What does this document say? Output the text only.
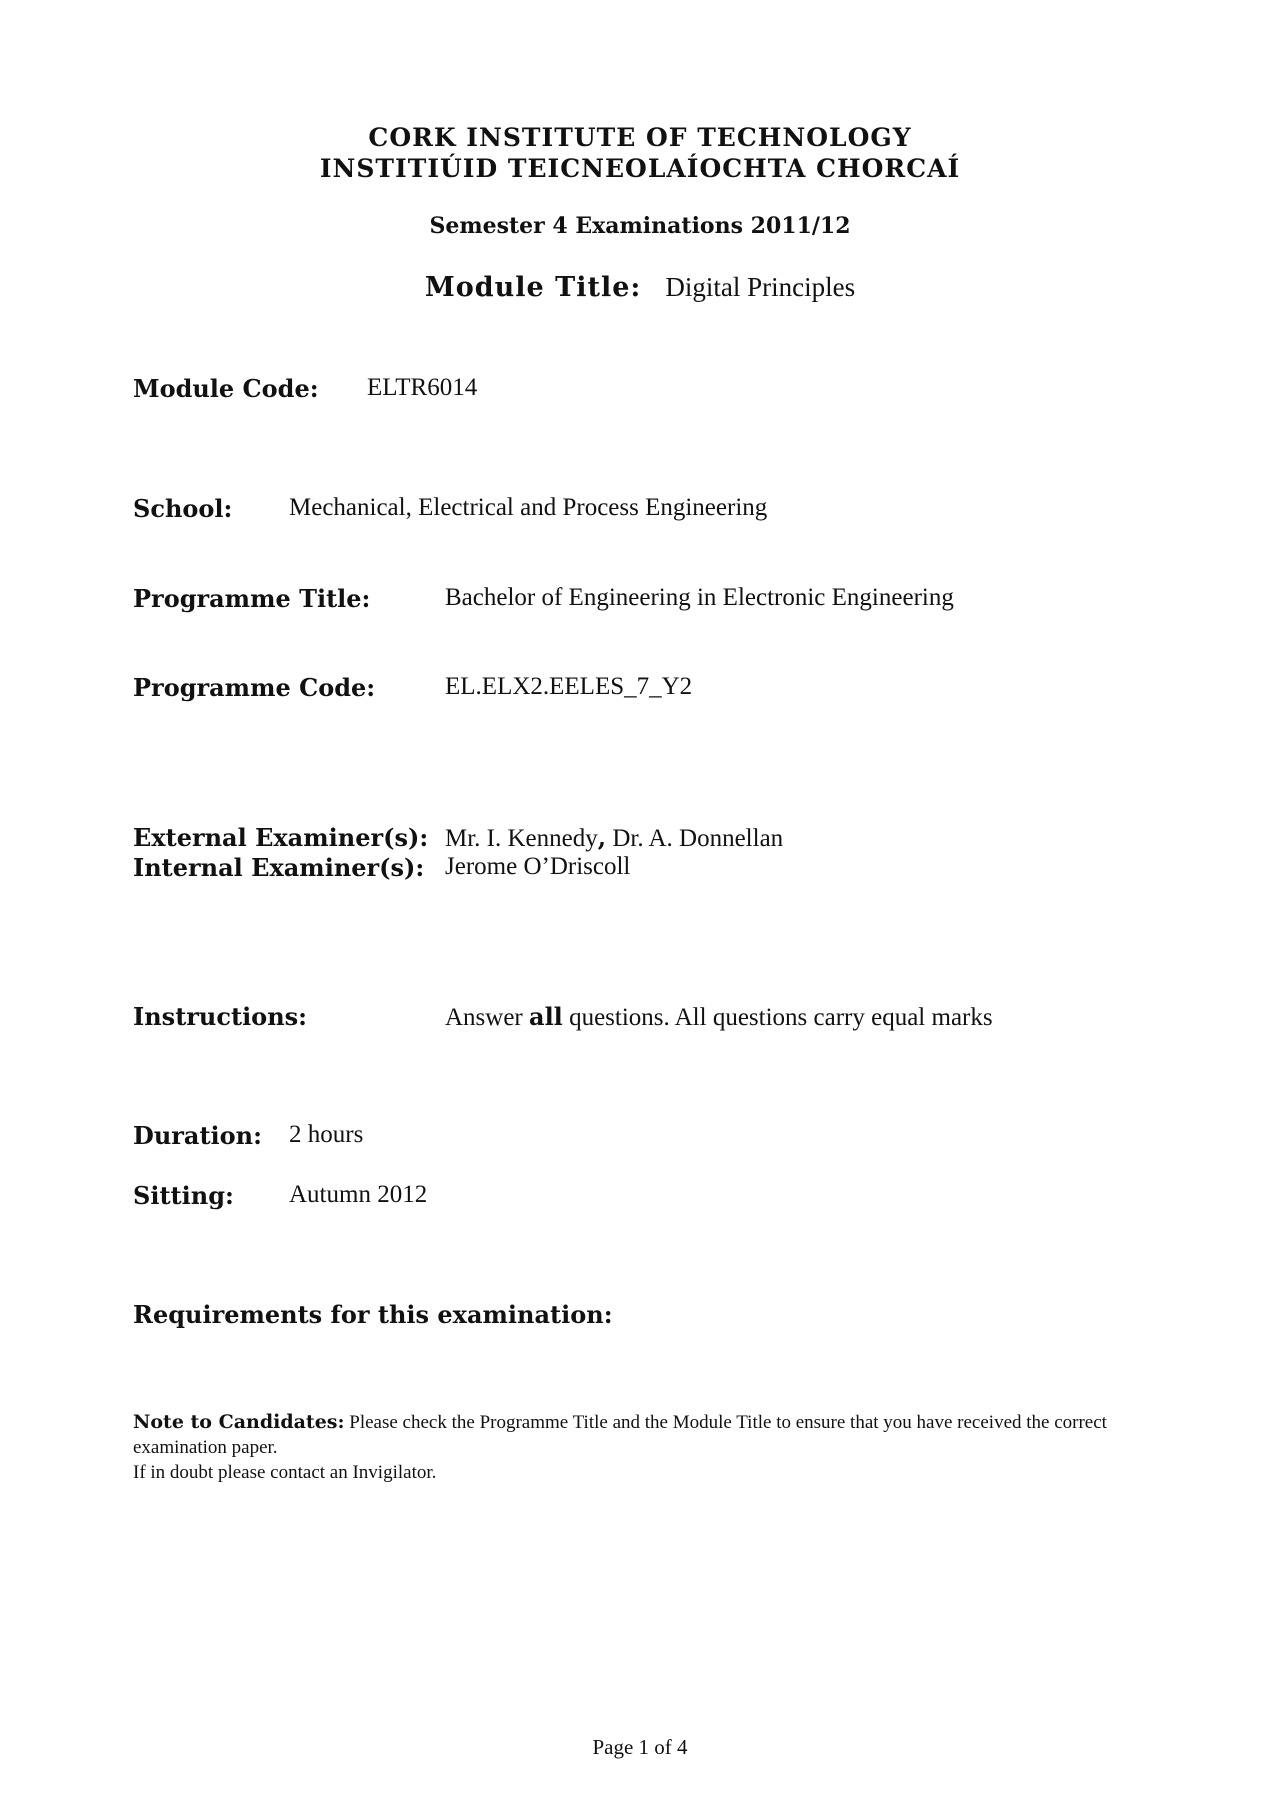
CORK INSTITUTE OF TECHNOLOGY
INSTITIÚID TEICNEOLAÍOCHTA CHORCAÍ
Semester 4 Examinations 2011/12
Module Title: Digital Principles
Module Code: ELTR6014
School: Mechanical, Electrical and Process Engineering
Programme Title:	Bachelor of Engineering in Electronic Engineering
Programme Code:	EL.ELX2.EELES_7_Y2
External Examiner(s): Mr. I. Kennedy, Dr. A. Donnellan
Internal Examiner(s): Jerome O’Driscoll
Instructions:	Answer all questions. All questions carry equal marks
Duration: 2 hours
Sitting: Autumn 2012
Requirements for this examination:
Note to Candidates: Please check the Programme Title and the Module Title to ensure that you have received the correct examination paper.
If in doubt please contact an Invigilator.
Page 1 of 4
